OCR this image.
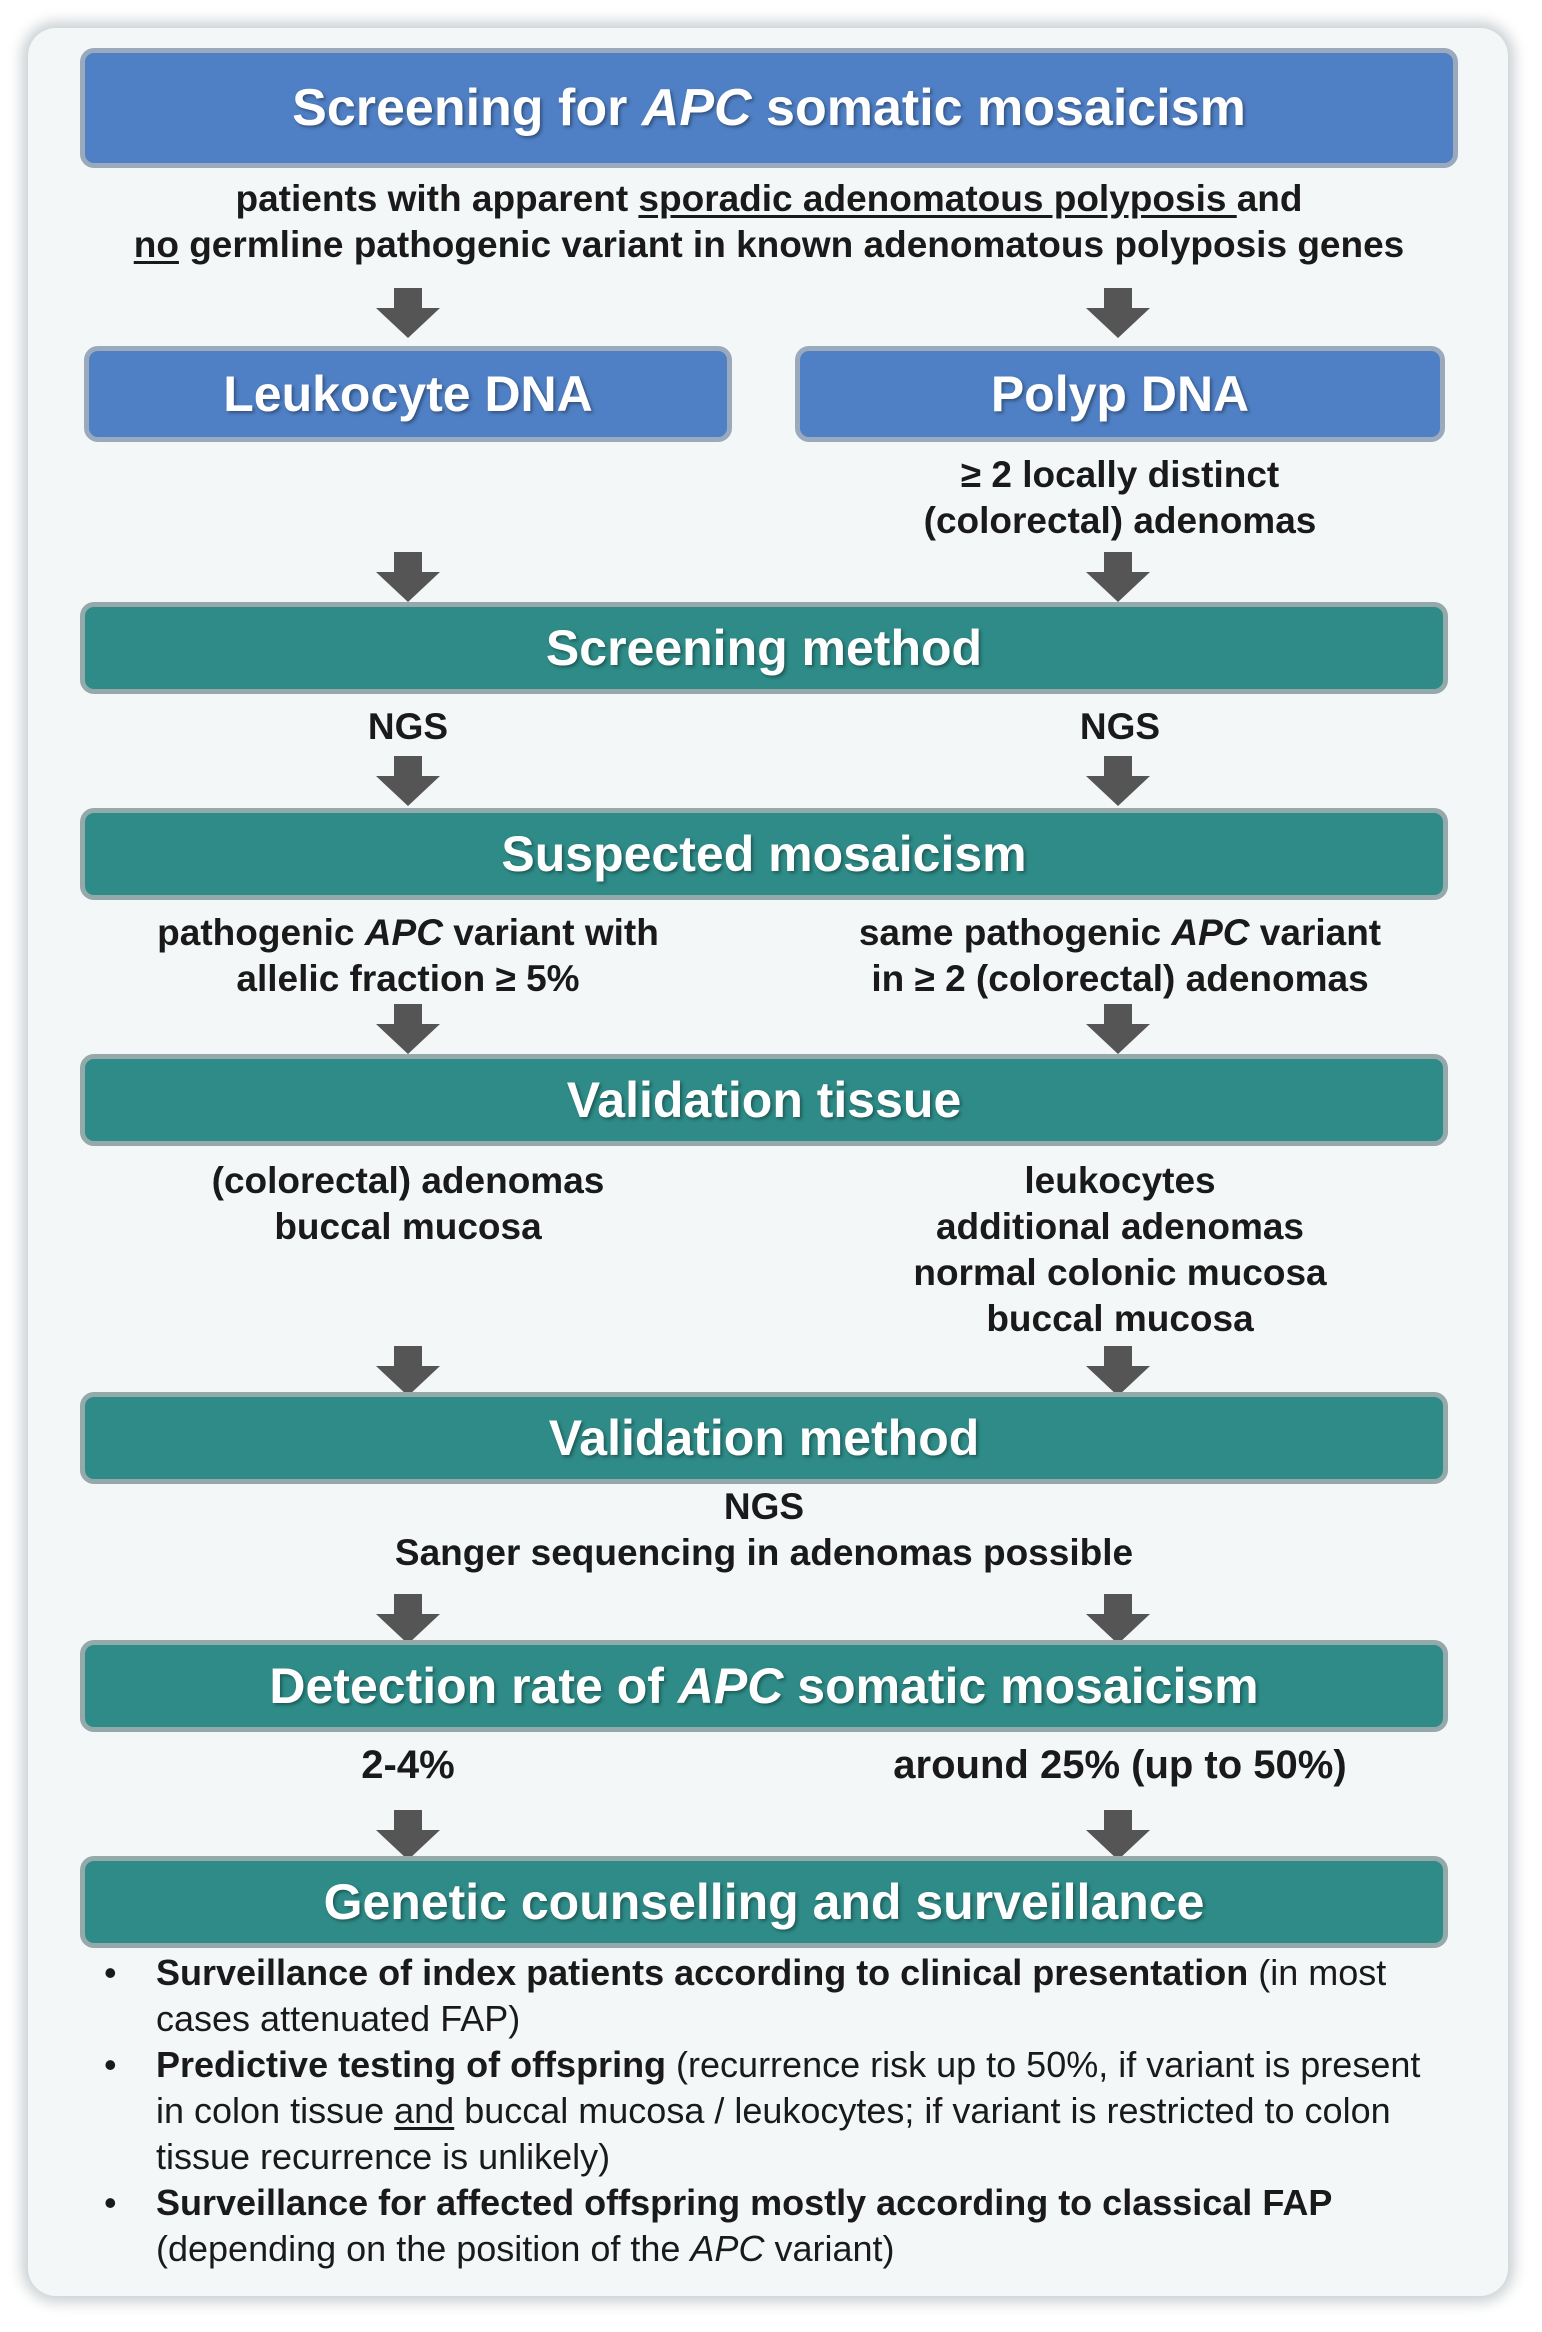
Screening for APC somatic mosaicism
patients with apparent sporadic adenomatous polyposis and
no germline pathogenic variant in known adenomatous polyposis genes
Leukocyte DNA	Polyp DNA
≥ 2 locally distinct
(colorectal) adenomas
Screening method
NGS	NGS
Suspected mosaicism
pathogenic APC variant with
allelic fraction ≥ 5%
same pathogenic APC variant
in ≥ 2 (colorectal) adenomas
Validation tissue
(colorectal) adenomas
buccal mucosa
leukocytes
additional adenomas
normal colonic mucosa
buccal mucosa
Validation method
NGS
Sanger sequencing in adenomas possible
Detection rate of APC somatic mosaicism
2-4%	around 25% (up to 50%)
Genetic counselling and surveillance

• Surveillance of index patients according to clinical presentation (in most cases attenuated FAP)

• Predictive testing of offspring (recurrence risk up to 50%, if variant is present in colon tissue and buccal mucosa / leukocytes; if variant is restricted to colon tissue recurrence is unlikely)

• Surveillance for affected offspring mostly according to classical FAP (depending on the position of the APC variant)
